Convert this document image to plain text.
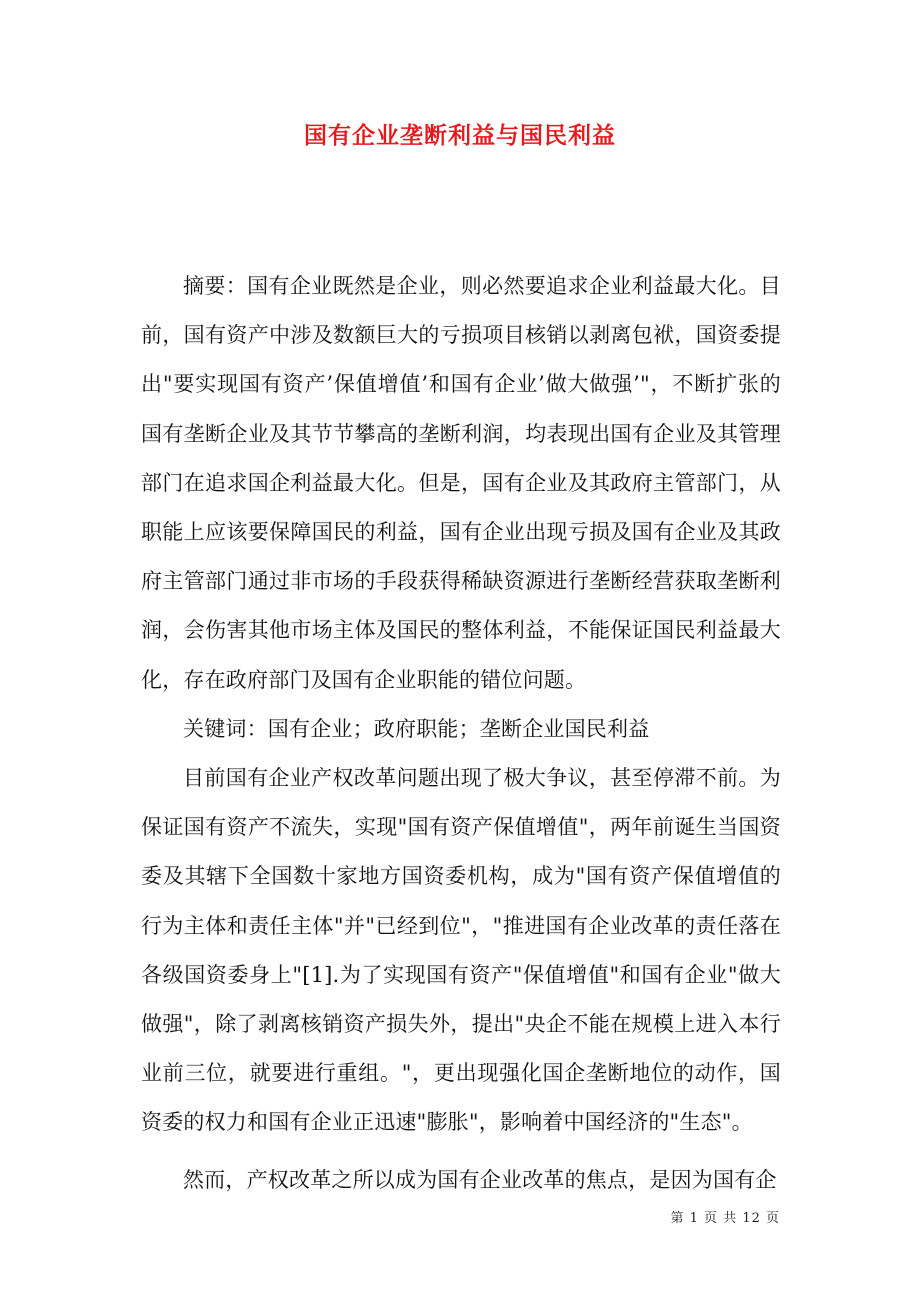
国有企业垄断利益与国民利益

摘要：国有企业既然是企业，则必然要追求企业利益最大化。目前，国有资产中涉及数额巨大的亏损项目核销以剥离包袱，国资委提出"要实现国有资产’保值增值’和国有企业’做大做强’"，不断扩张的国有垄断企业及其节节攀高的垄断利润，均表现出国有企业及其管理部门在追求国企利益最大化。但是，国有企业及其政府主管部门，从职能上应该要保障国民的利益，国有企业出现亏损及国有企业及其政府主管部门通过非市场的手段获得稀缺资源进行垄断经营获取垄断利润，会伤害其他市场主体及国民的整体利益，不能保证国民利益最大化，存在政府部门及国有企业职能的错位问题。

关键词：国有企业；政府职能；垄断企业国民利益

目前国有企业产权改革问题出现了极大争议，甚至停滞不前。为保证国有资产不流失，实现"国有资产保值增值"，两年前诞生当国资委及其辖下全国数十家地方国资委机构，成为"国有资产保值增值的行为主体和责任主体"并"已经到位"，"推进国有企业改革的责任落在各级国资委身上"[1].为了实现国有资产"保值增值"和国有企业"做大做强"，除了剥离核销资产损失外，提出"央企不能在规模上进入本行业前三位，就要进行重组。"，更出现强化国企垄断地位的动作，国资委的权力和国有企业正迅速"膨胀"，影响着中国经济的"生态"。

然而，产权改革之所以成为国有企业改革的焦点，是因为国有企

第 1 页 共 12 页
